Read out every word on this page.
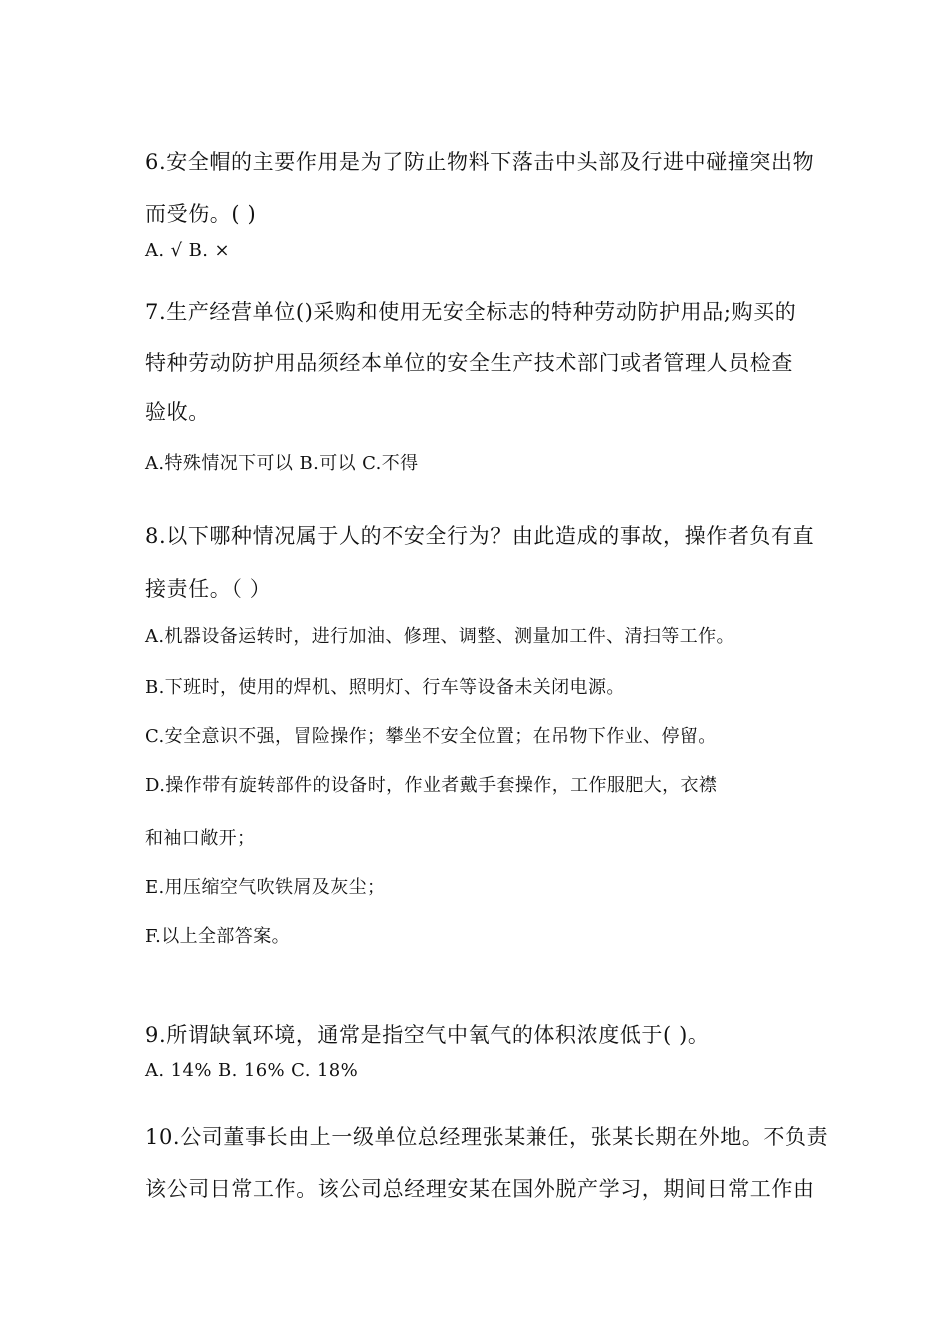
6.安全帽的主要作用是为了防止物料下落击中头部及行进中碰撞突出物
而受伤。( )
A. √ B. ×
7.生产经营单位()采购和使用无安全标志的特种劳动防护用品;购买的
特种劳动防护用品须经本单位的安全生产技术部门或者管理人员检查
验收。
A.特殊情况下可以 B.可以 C.不得
8.以下哪种情况属于人的不安全行为？由此造成的事故，操作者负有直
接责任。（ ）
A.机器设备运转时，进行加油、修理、调整、测量加工件、清扫等工作。
B.下班时，使用的焊机、照明灯、行车等设备未关闭电源。
C.安全意识不强，冒险操作；攀坐不安全位置；在吊物下作业、停留。
D.操作带有旋转部件的设备时，作业者戴手套操作，工作服肥大，衣襟
和袖口敞开；
E.用压缩空气吹铁屑及灰尘；
F.以上全部答案。
9.所谓缺氧环境，通常是指空气中氧气的体积浓度低于( )。
A. 14% B. 16% C. 18%
10.公司董事长由上一级单位总经理张某兼任，张某长期在外地。不负责
该公司日常工作。该公司总经理安某在国外脱产学习，期间日常工作由
